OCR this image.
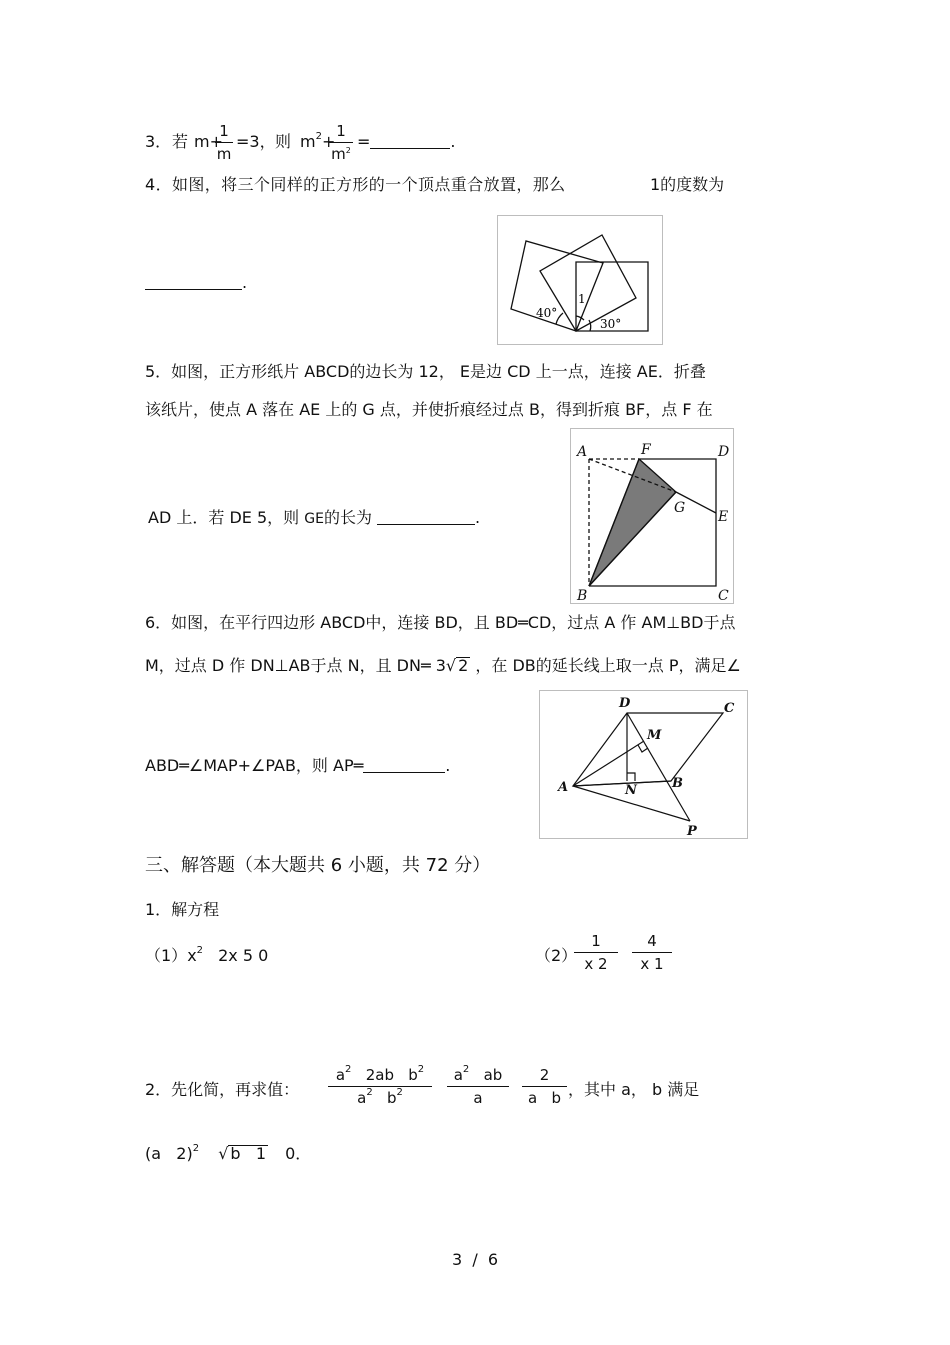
3． 若 m+
$\frac{1}{m} =3$， 则 $m^2+$
$\frac{1}{m^2}$ =	.
4．如图，将三个同样的正方形的一个顶点重合放置，那么	1的度数为
.
40°
1
30°
5．如图，正方形纸片 ABCD的边长为 12， E是边 CD 上一点，连接 AE．折叠
该纸片，使点 A 落在 AE 上的 G 点，并使折痕经过点 B，得到折痕 BF，点 F 在
AD 上．若 DE 5，则 GE的长为	.
A	F	D
G
E
B	C
6．如图，在平行四边形 ABCD中，连接 BD，且 BD═CD，过点 A 作 AM⊥BD于点
M，过点 D 作 DN⊥AB于点 N，且 DN═ 3√ 2 ，在 DB的延长线上取一点 P，满足∠
ABD═∠MAP+∠PAB，则 AP═	.
D	C
M
A	N	B
P
三、解答题（本大题共 6 小题，共 72 分）
1．解方程
$(1)x^2$ 2x 5 0	（2）
$\frac{1}{x 2} \frac{4}{x 1}$
2．先化简，再求值： $\frac{a^2 2ab b^2}{a^2 b^2} \frac{a^2 ab}{a} \frac{2}{\text{a   b}}$ ，其中 a， b 满足
(a   2)$^2$ √ b   1 0．
3  /  6
